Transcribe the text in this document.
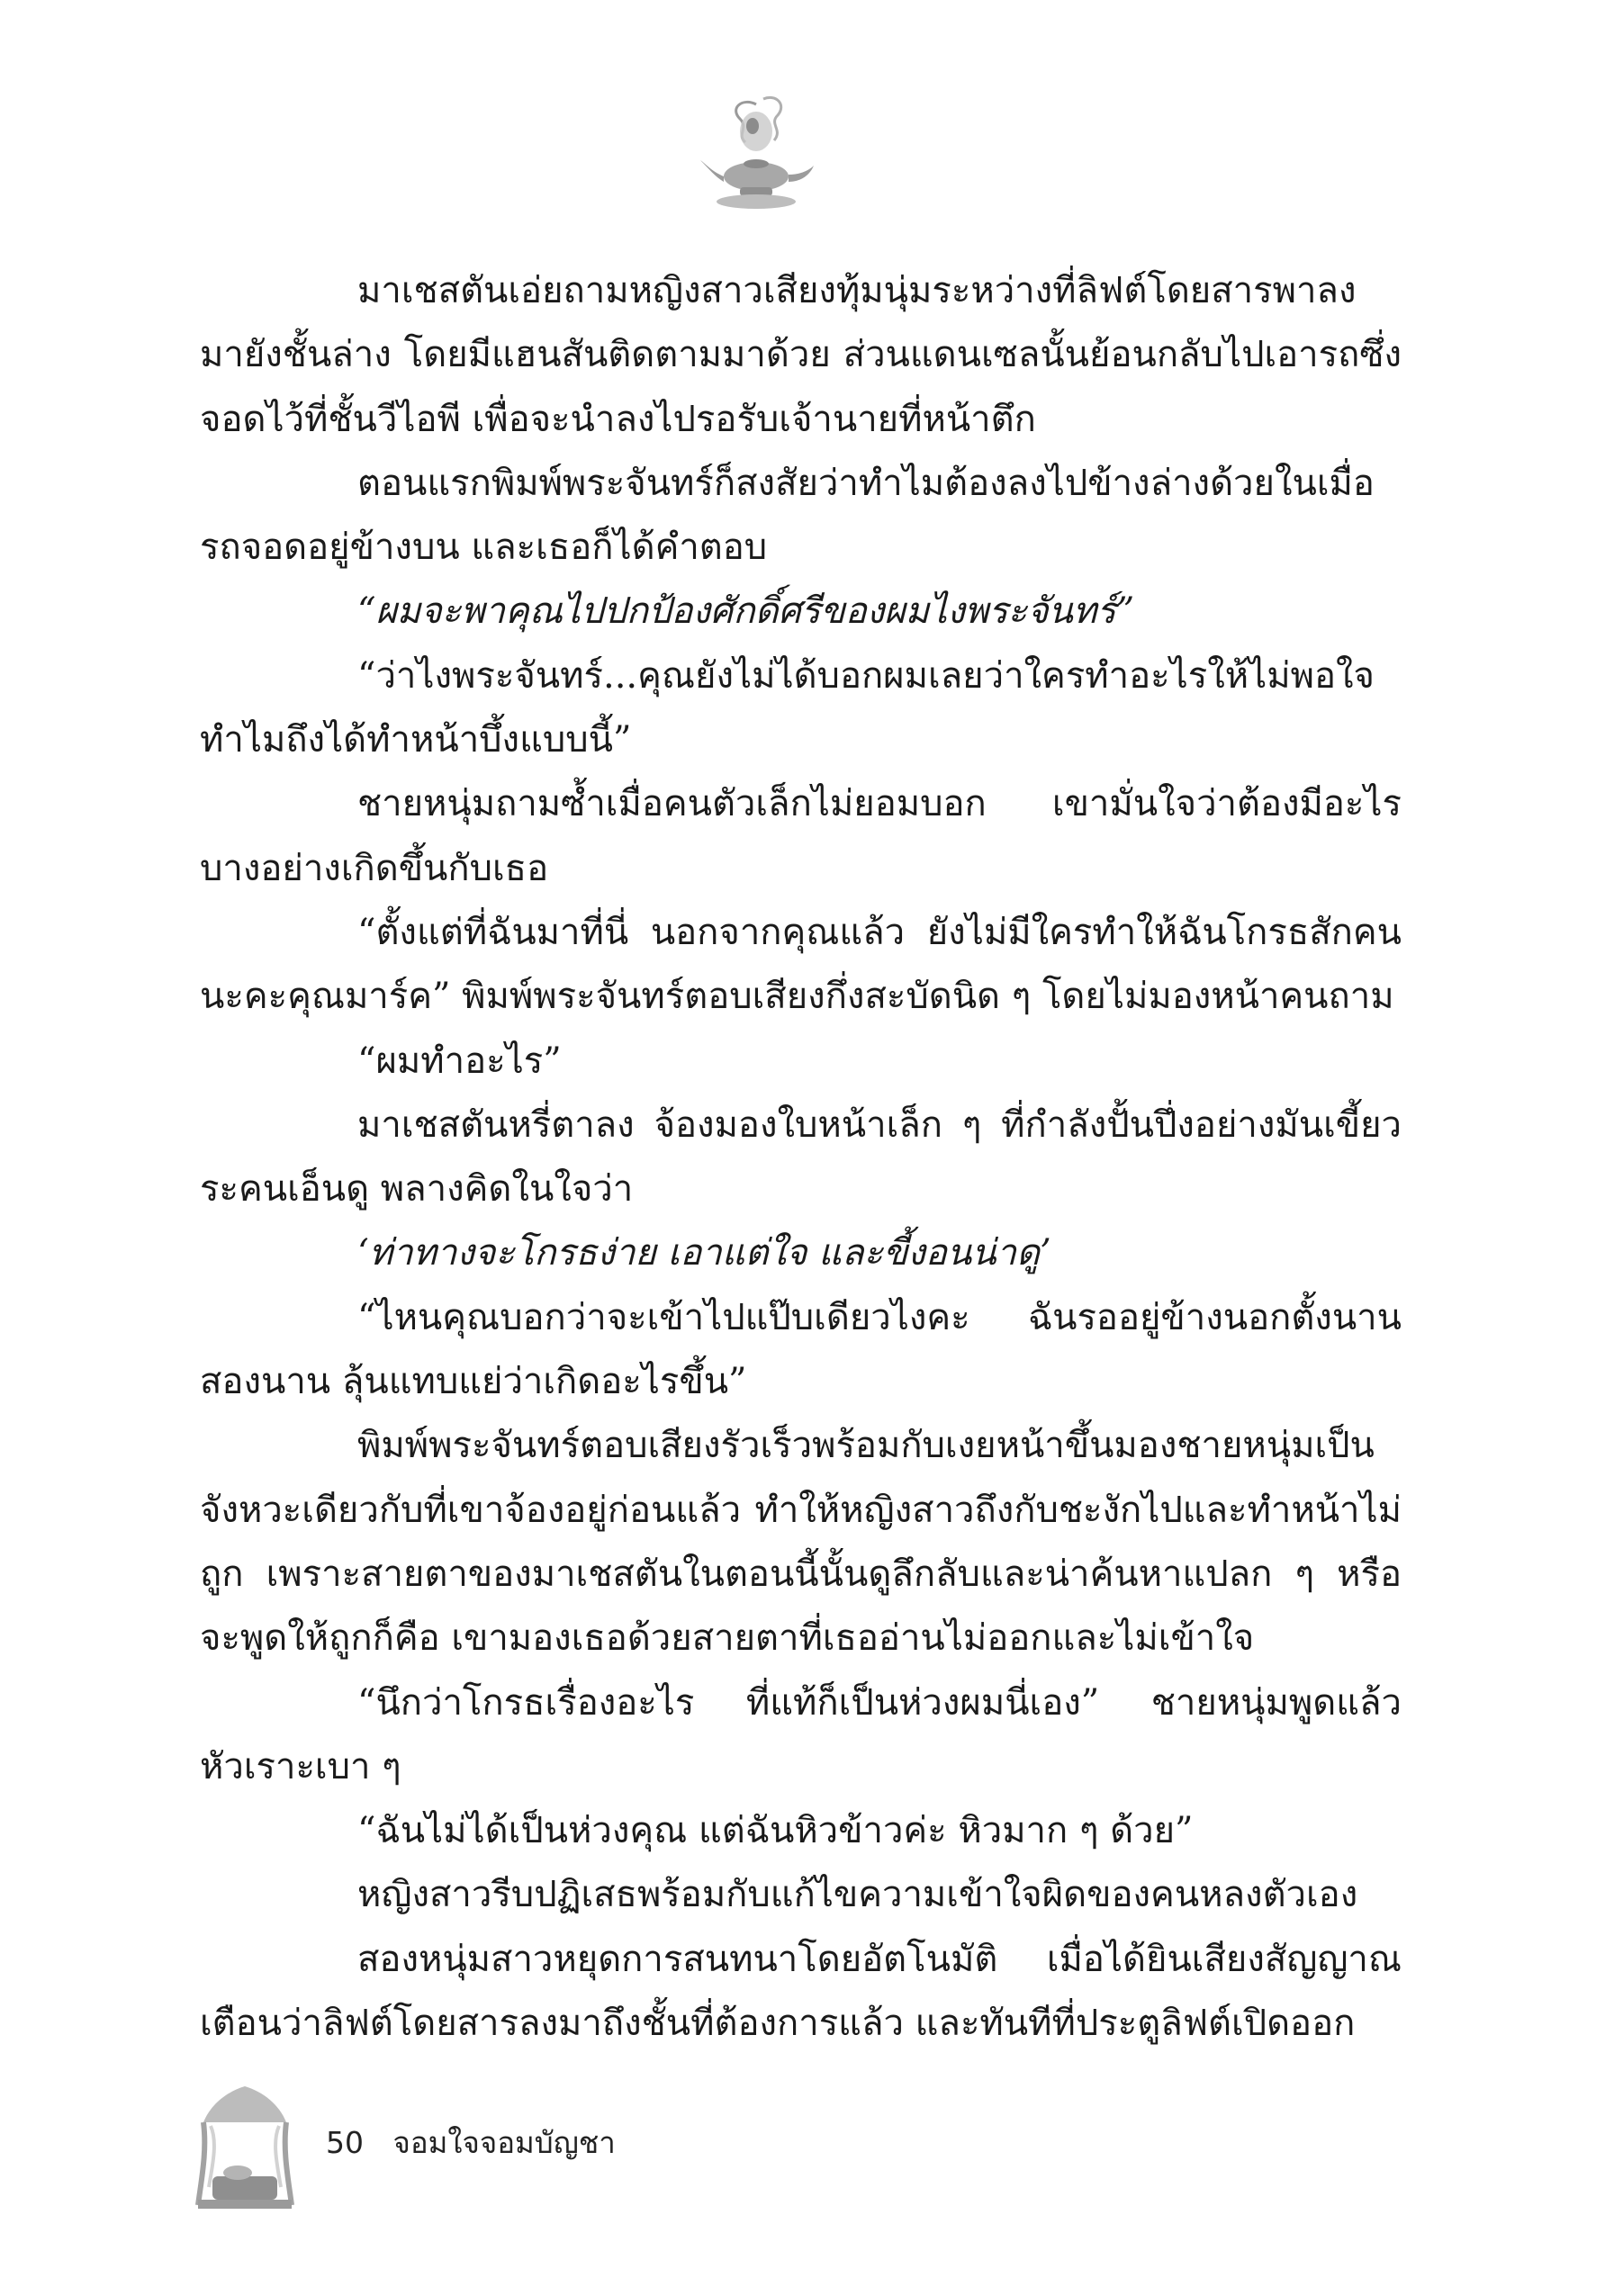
มาเชสตันเอ่ยถามหญิงสาวเสียงทุ้มนุ่มระหว่างที่ลิฟต์โดยสารพาลงมายังชั้นล่าง โดยมีแฮนสันติดตามมาด้วย ส่วนแดนเซลนั้นย้อนกลับไปเอารถซึ่งจอดไว้ที่ชั้นวีไอพี เพื่อจะนำลงไปรอรับเจ้านายที่หน้าตึก

ตอนแรกพิมพ์พระจันทร์ก็สงสัยว่าทำไมต้องลงไปข้างล่างด้วยในเมื่อรถจอดอยู่ข้างบน และเธอก็ได้คำตอบ

“ผมจะพาคุณไปปกป้องศักดิ์ศรีของผมไงพระจันทร์”

“ว่าไงพระจันทร์...คุณยังไม่ได้บอกผมเลยว่าใครทำอะไรให้ไม่พอใจทำไมถึงได้ทำหน้าบึ้งแบบนี้”

ชายหนุ่มถามซ้ำเมื่อคนตัวเล็กไม่ยอมบอก เขามั่นใจว่าต้องมีอะไรบางอย่างเกิดขึ้นกับเธอ

“ตั้งแต่ที่ฉันมาที่นี่ นอกจากคุณแล้ว ยังไม่มีใครทำให้ฉันโกรธสักคนนะคะคุณมาร์ค” พิมพ์พระจันทร์ตอบเสียงกึ่งสะบัดนิด ๆ โดยไม่มองหน้าคนถาม

“ผมทำอะไร”

มาเชสตันหรี่ตาลง จ้องมองใบหน้าเล็ก ๆ ที่กำลังปั้นปึ่งอย่างมันเขี้ยวระคนเอ็นดู พลางคิดในใจว่า

‘ท่าทางจะโกรธง่าย เอาแต่ใจ และขี้งอนน่าดู’

“ไหนคุณบอกว่าจะเข้าไปแป๊บเดียวไงคะ ฉันรออยู่ข้างนอกตั้งนานสองนาน ลุ้นแทบแย่ว่าเกิดอะไรขึ้น”

พิมพ์พระจันทร์ตอบเสียงรัวเร็วพร้อมกับเงยหน้าขึ้นมองชายหนุ่มเป็นจังหวะเดียวกับที่เขาจ้องอยู่ก่อนแล้ว ทำให้หญิงสาวถึงกับชะงักไปและทำหน้าไม่ถูก เพราะสายตาของมาเชสตันในตอนนี้นั้นดูลึกลับและน่าค้นหาแปลก ๆ หรือจะพูดให้ถูกก็คือ เขามองเธอด้วยสายตาที่เธออ่านไม่ออกและไม่เข้าใจ

“นึกว่าโกรธเรื่องอะไร ที่แท้ก็เป็นห่วงผมนี่เอง” ชายหนุ่มพูดแล้วหัวเราะเบา ๆ

“ฉันไม่ได้เป็นห่วงคุณ แต่ฉันหิวข้าวค่ะ หิวมาก ๆ ด้วย”

หญิงสาวรีบปฏิเสธพร้อมกับแก้ไขความเข้าใจผิดของคนหลงตัวเอง

สองหนุ่มสาวหยุดการสนทนาโดยอัตโนมัติ เมื่อได้ยินเสียงสัญญาณเตือนว่าลิฟต์โดยสารลงมาถึงชั้นที่ต้องการแล้ว และทันทีที่ประตูลิฟต์เปิดออก

50 จอมใจจอมบัญชา
